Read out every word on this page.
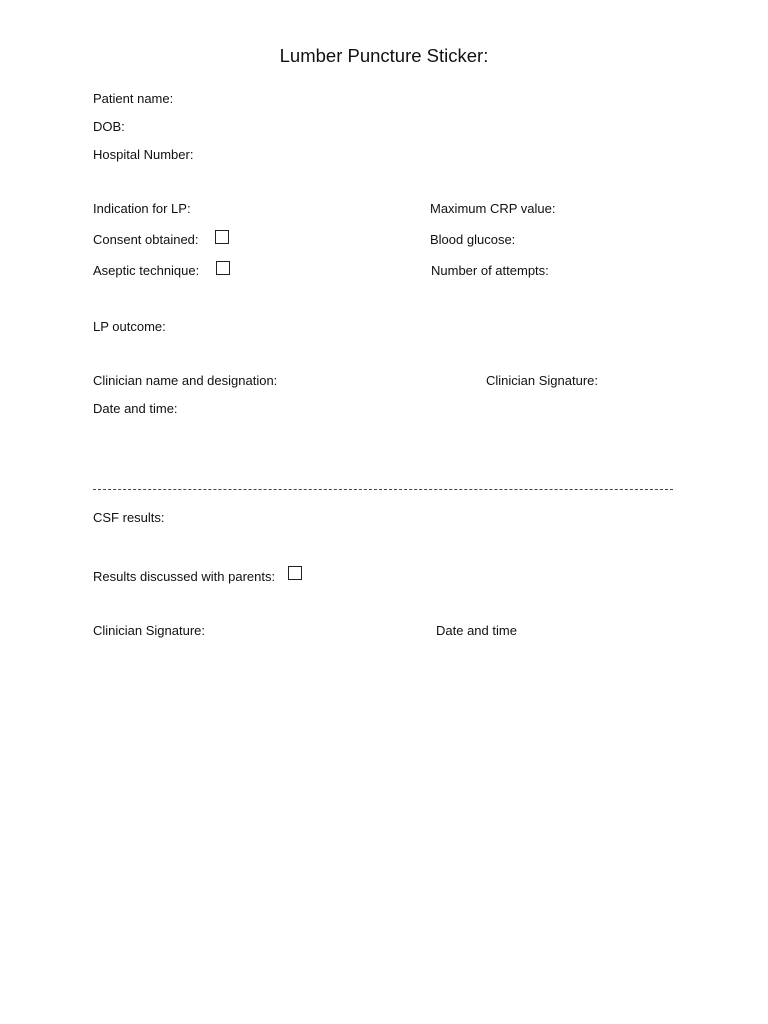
Lumber Puncture Sticker:

Patient name:

DOB:

Hospital Number:

Indication for LP:

Consent obtained:

Aseptic technique:

Maximum CRP value:

Blood glucose:

Number of attempts:

LP outcome:

Clinician name and designation:	Clinician Signature:

Date and time:

CSF results:

Results discussed with parents:

Clinician Signature:	Date and time
